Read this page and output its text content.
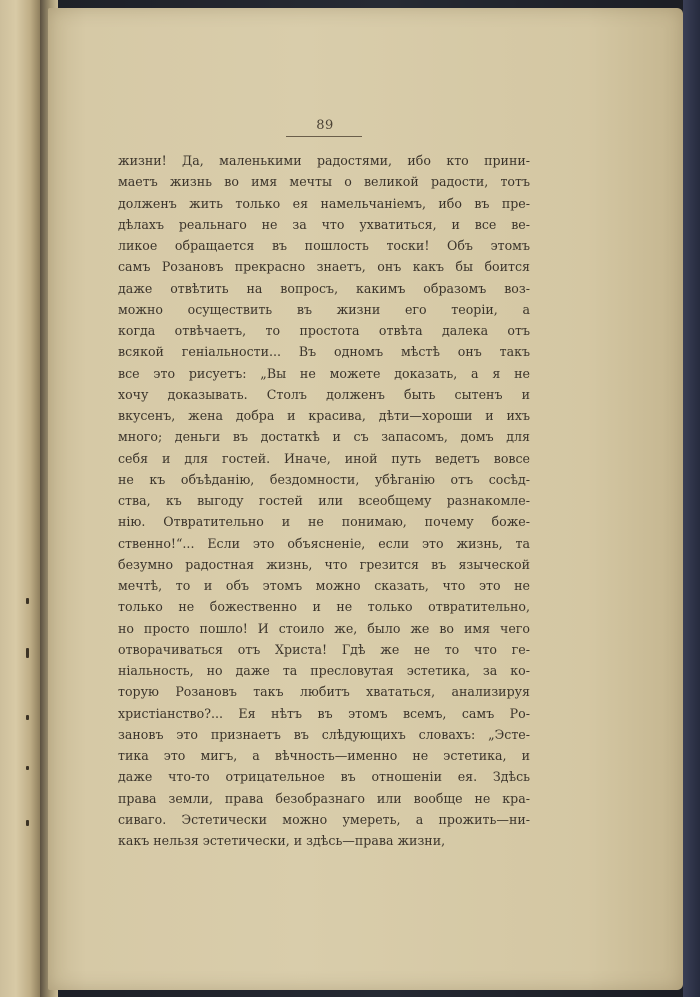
89
жизни! Да, маленькими радостями, ибо кто прини-
маетъ жизнь во имя мечты о великой радости, тотъ
долженъ жить только ея намельчаніемъ, ибо въ пре-
дѣлахъ реальнаго не за что ухватиться, и все ве-
ликое обращается въ пошлость тоски! Объ этомъ
самъ Розановъ прекрасно знаетъ, онъ какъ бы боится
даже отвѣтить на вопросъ, какимъ образомъ воз-
можно осуществить въ жизни его теоріи, а
когда отвѣчаетъ, то простота отвѣта далека отъ
всякой геніальности... Въ одномъ мѣстѣ онъ такъ
все это рисуетъ: „Вы не можете доказать, а я не
хочу доказывать. Столъ долженъ быть сытенъ и
вкусенъ, жена добра и красива, дѣти—хороши и ихъ
много; деньги въ достаткѣ и съ запасомъ, домъ для
себя и для гостей. Иначе, иной путь ведетъ вовсе
не къ объѣданію, бездомности, убѣганію отъ сосѣд-
ства, къ выгоду гостей или всеобщему разнакомле-
нію. Отвратительно и не понимаю, почему боже-
ственно!“... Если это объясненіе, если это жизнь, та
безумно радостная жизнь, что грезится въ языческой
мечтѣ, то и объ этомъ можно сказать, что это не
только не божественно и не только отвратительно,
но просто пошло! И стоило же, было же во имя чего
отворачиваться отъ Христа! Гдѣ же не то что ге-
ніальность, но даже та пресловутая эстетика, за ко-
торую Розановъ такъ любитъ хвататься, анализируя
христіанство?... Ея нѣтъ въ этомъ всемъ, самъ Ро-
зановъ это признаетъ въ слѣдующихъ словахъ: „Эсте-
тика это мигъ, а вѣчность—именно не эстетика, и
даже что-то отрицательное въ отношеніи ея. Здѣсь
права земли, права безобразнаго или вообще не кра-
сиваго. Эстетически можно умереть, а прожить—ни-
какъ нельзя эстетически, и здѣсь—права жизни,
